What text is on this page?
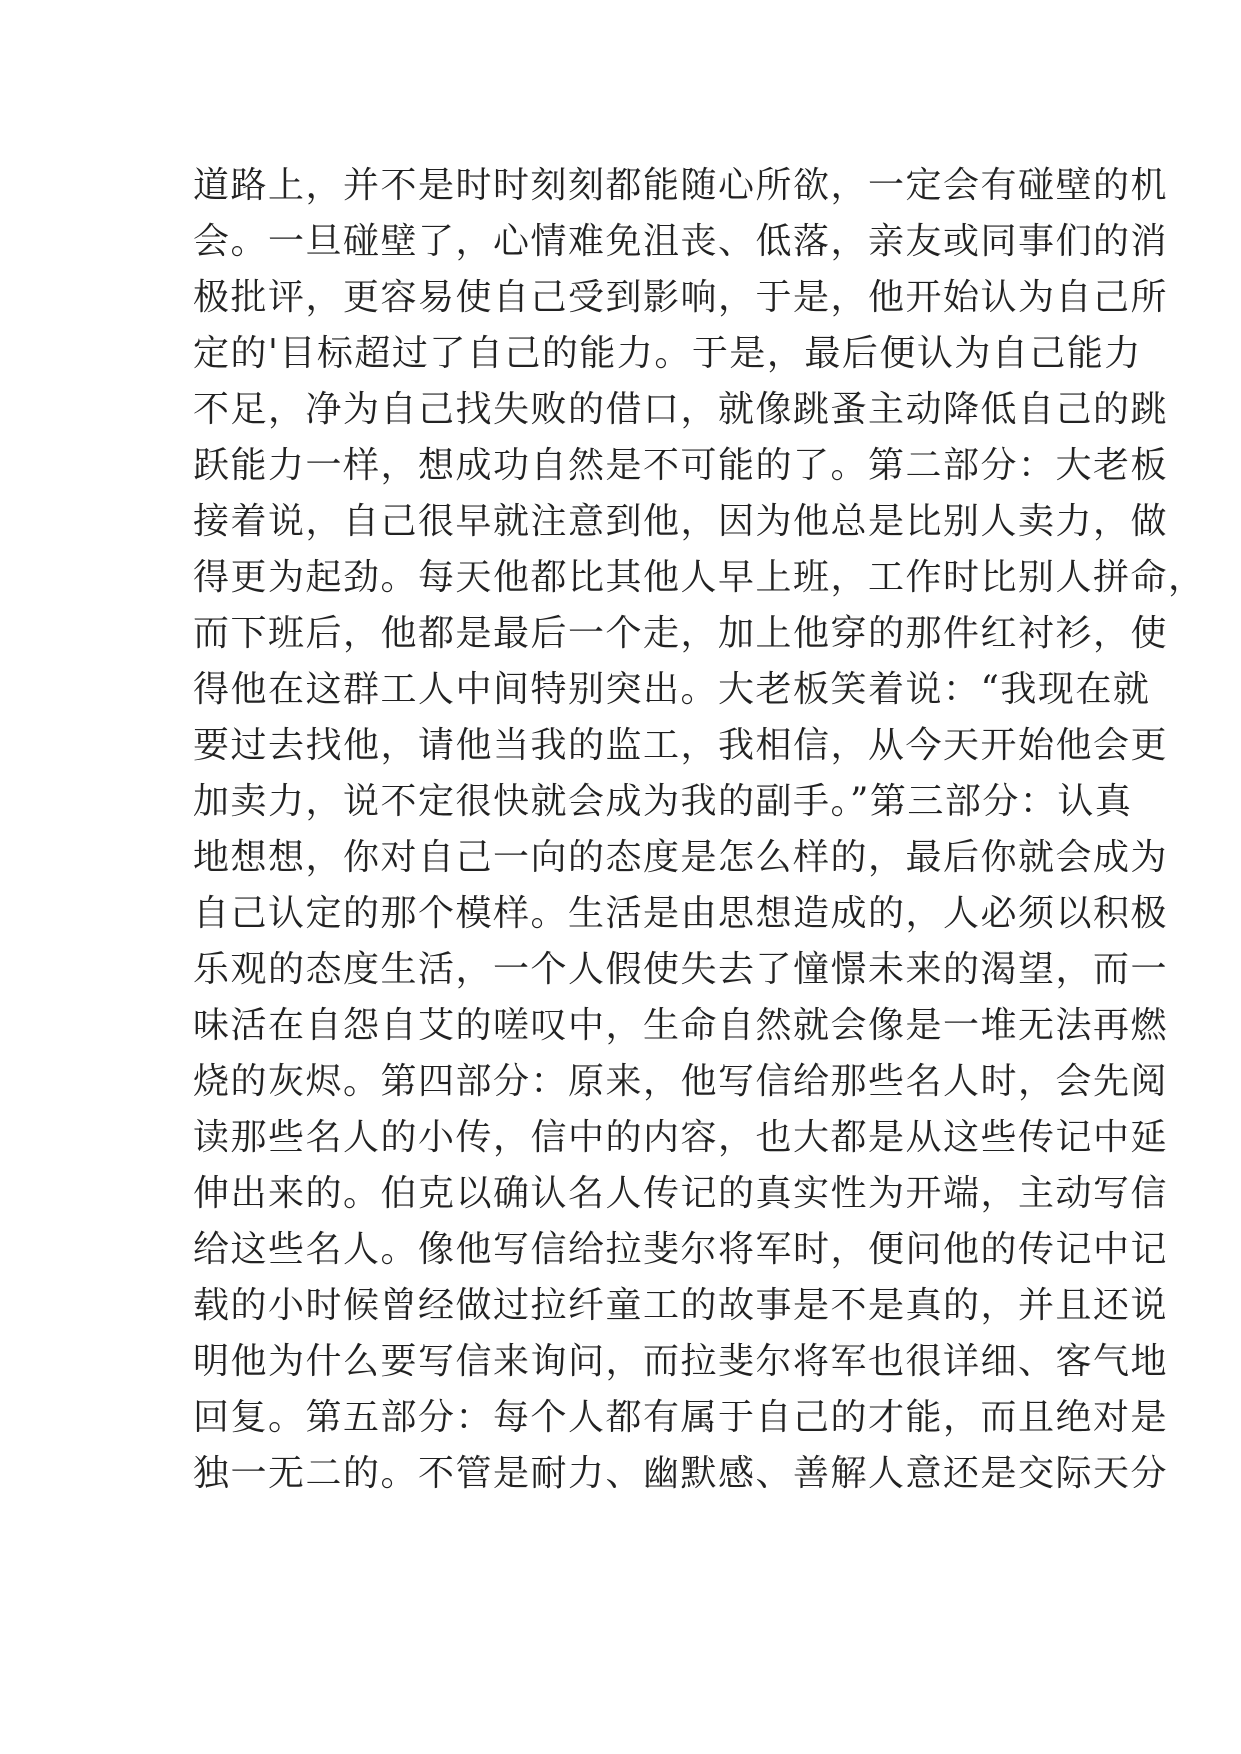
道路上，并不是时时刻刻都能随心所欲，一定会有碰壁的机

会。一旦碰壁了，心情难免沮丧、低落，亲友或同事们的消

极批评，更容易使自己受到影响，于是，他开始认为自己所

定的'目标超过了自己的能力。于是，最后便认为自己能力

不足，净为自己找失败的借口，就像跳蚤主动降低自己的跳

跃能力一样，想成功自然是不可能的了。第二部分：大老板

接着说，自己很早就注意到他，因为他总是比别人卖力，做

得更为起劲。每天他都比其他人早上班，工作时比别人拼命，

而下班后，他都是最后一个走，加上他穿的那件红衬衫，使

得他在这群工人中间特别突出。大老板笑着说：“我现在就

要过去找他，请他当我的监工，我相信，从今天开始他会更

加卖力，说不定很快就会成为我的副手。”第三部分：认真

地想想，你对自己一向的态度是怎么样的，最后你就会成为

自己认定的那个模样。生活是由思想造成的，人必须以积极

乐观的态度生活，一个人假使失去了憧憬未来的渴望，而一

味活在自怨自艾的嗟叹中，生命自然就会像是一堆无法再燃

烧的灰烬。第四部分：原来，他写信给那些名人时，会先阅

读那些名人的小传，信中的内容，也大都是从这些传记中延

伸出来的。伯克以确认名人传记的真实性为开端，主动写信

给这些名人。像他写信给拉斐尔将军时，便问他的传记中记

载的小时候曾经做过拉纤童工的故事是不是真的，并且还说

明他为什么要写信来询问，而拉斐尔将军也很详细、客气地

回复。第五部分：每个人都有属于自己的才能，而且绝对是

独一无二的。不管是耐力、幽默感、善解人意还是交际天分
